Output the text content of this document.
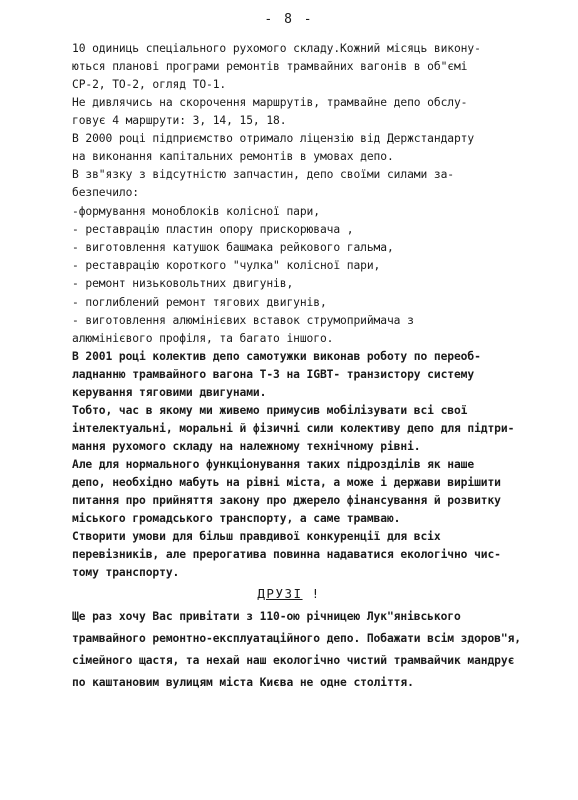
- 8 -
10 одиниць спеціального рухомого складу.Кожний місяць викону-
ються планові програми ремонтів трамвайних вагонів в об"ємі
СР-2, ТО-2, огляд ТО-1.
Не дивлячись на скорочення маршрутів, трамвайне депо обслу-
говує 4 маршрути: 3, 14, 15, 18.
В 2000 році підприємство отримало ліцензію від Держстандарту
на виконання капітальних ремонтів в умовах депо.
В зв"язку з відсутністю запчастин, депо своїми силами за-
безпечило:
-формування моноблоків колісної пари,
- реставрацію пластин опору прискорювача ,
- виготовлення катушок башмака рейкового гальма,
- реставрацію короткого "чулка" колісної пари,
- ремонт низьковольтних двигунів,
- поглиблений ремонт тягових двигунів,
- виготовлення алюмінієвих вставок струмоприймача з
алюмінієвого профіля, та багато іншого.
В 2001 році колектив депо самотужки виконав роботу по переоб-
ладнанню трамвайного вагона Т-3 на IGBT- транзистору систему
керування тяговими двигунами.
Тобто, час в якому ми живемо примусив мобілізувати всі свої
інтелектуальні, моральні й фізичні сили колективу депо для підтри-
мання рухомого складу на належному технічному рівні.
Але для нормального функціонування таких підрозділів як наше
депо, необхідно мабуть на рівні міста, а може і держави вирішити
питання про прийняття закону про джерело фінансування й розвитку
міського громадського транспорту, а саме трамваю.
Створити умови для більш правдивої конкуренції для всіх
перевізників, але прерогатива повинна надаватися екологічно чис-
тому транспорту.
ДРУЗІ !
Ще раз хочу Вас привітати з 110-ою річницею Лук"янівського
трамвайного ремонтно-експлуатаційного депо. Побажати всім здоров"я,
сімейного щастя, та нехай наш екологічно чистий трамвайчик мандрує
по каштановим вулицям міста Києва не одне століття.
